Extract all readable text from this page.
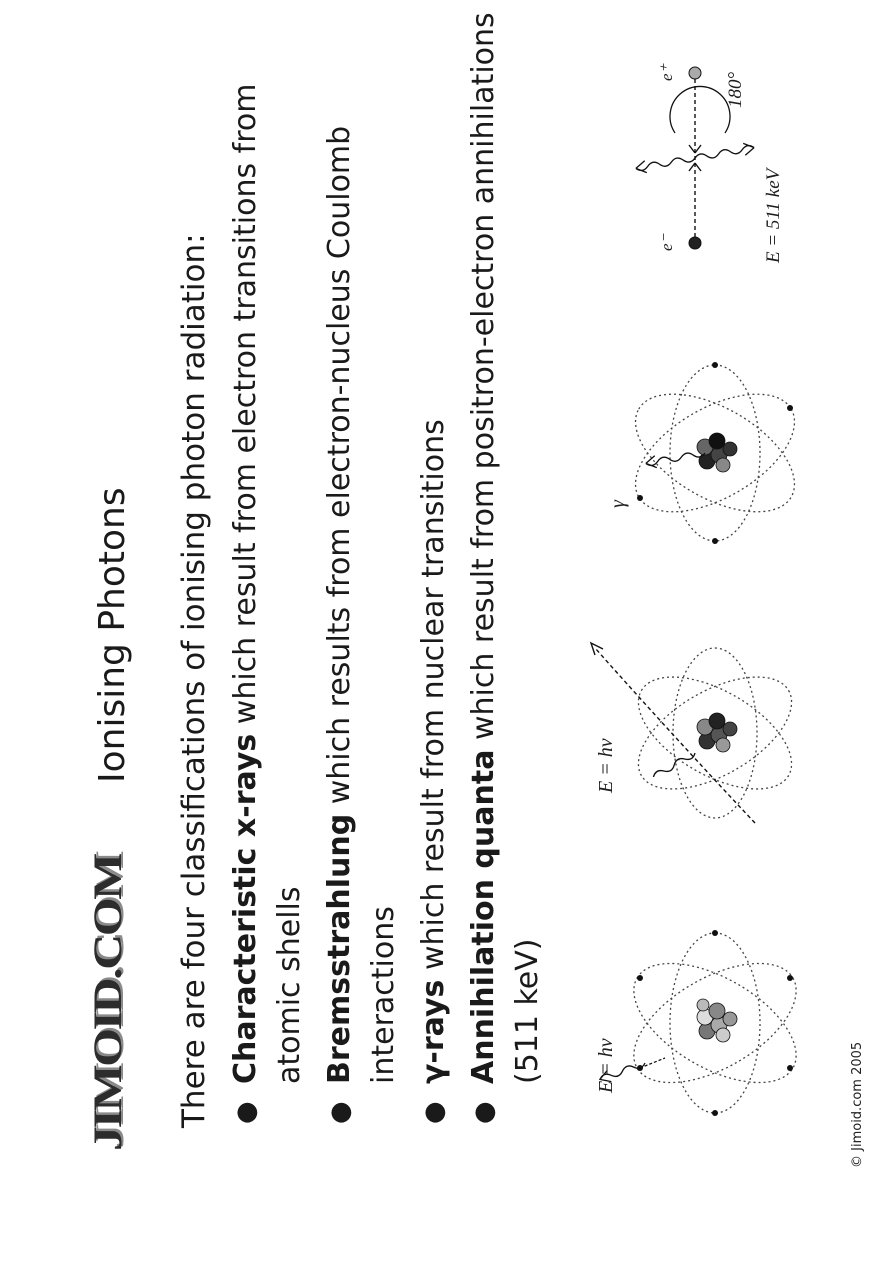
JIMOID.COM
Ionising Photons There are four classifications of ionising photon radiation: ●
Characteristic x-rays which result from electron transitions from atomic shells
●
Bremsstrahlung which results from electron-nucleus Coulomb interactions
●
γ-rays which result from nuclear transitions
●
Annihilation quanta which result from positron-electron annihilations (511 keV)	E = hν
E = hν
γ
e⁻
e⁺	180°
E = 511 keV
© Jimoid.com 2005
